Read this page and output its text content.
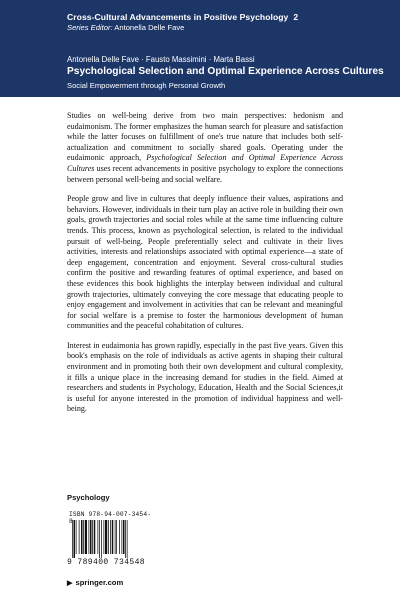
Cross-Cultural Advancements in Positive Psychology 2
Series Editor: Antonella Delle Fave
Antonella Delle Fave · Fausto Massimini · Marta Bassi
Psychological Selection and Optimal Experience Across Cultures
Social Empowerment through Personal Growth

Studies on well-being derive from two main perspectives: hedonism and eudaimonism. The former emphasizes the human search for pleasure and satisfaction while the latter focuses on fulfillment of one's true nature that includes both self-actualization and commitment to socially shared goals. Operating under the eudaimonic approach, Psychological Selection and Optimal Experience Across Cultures uses recent advancements in positive psychology to explore the connections between personal well-being and social welfare.

People grow and live in cultures that deeply influence their values, aspirations and behaviors. However, individuals in their turn play an active role in building their own goals, growth trajectories and social roles while at the same time influencing culture trends. This process, known as psychological selection, is related to the individual pursuit of well-being. People preferentially select and cultivate in their lives activities, interests and relationships associated with optimal experience—a state of deep engagement, concentration and enjoyment. Several cross-cultural studies confirm the positive and rewarding features of optimal experience, and based on these evidences this book highlights the interplay between individual and cultural growth trajectories, ultimately conveying the core message that educating people to enjoy engagement and involvement in activities that can be relevant and meaningful for social welfare is a premise to foster the harmonious development of human communities and the peaceful cohabitation of cultures.

Interest in eudaimonia has grown rapidly, especially in the past five years. Given this book's emphasis on the role of individuals as active agents in shaping their cultural environment and in promoting both their own development and cultural complexity, it fills a unique place in the increasing demand for studies in the field. Aimed at researchers and students in Psychology, Education, Health and the Social Sciences,it is useful for anyone interested in the promotion of individual happiness and well-being.

Psychology
ISBN 978-94-007-3454-8
9 789400 734548
▶ springer.com
